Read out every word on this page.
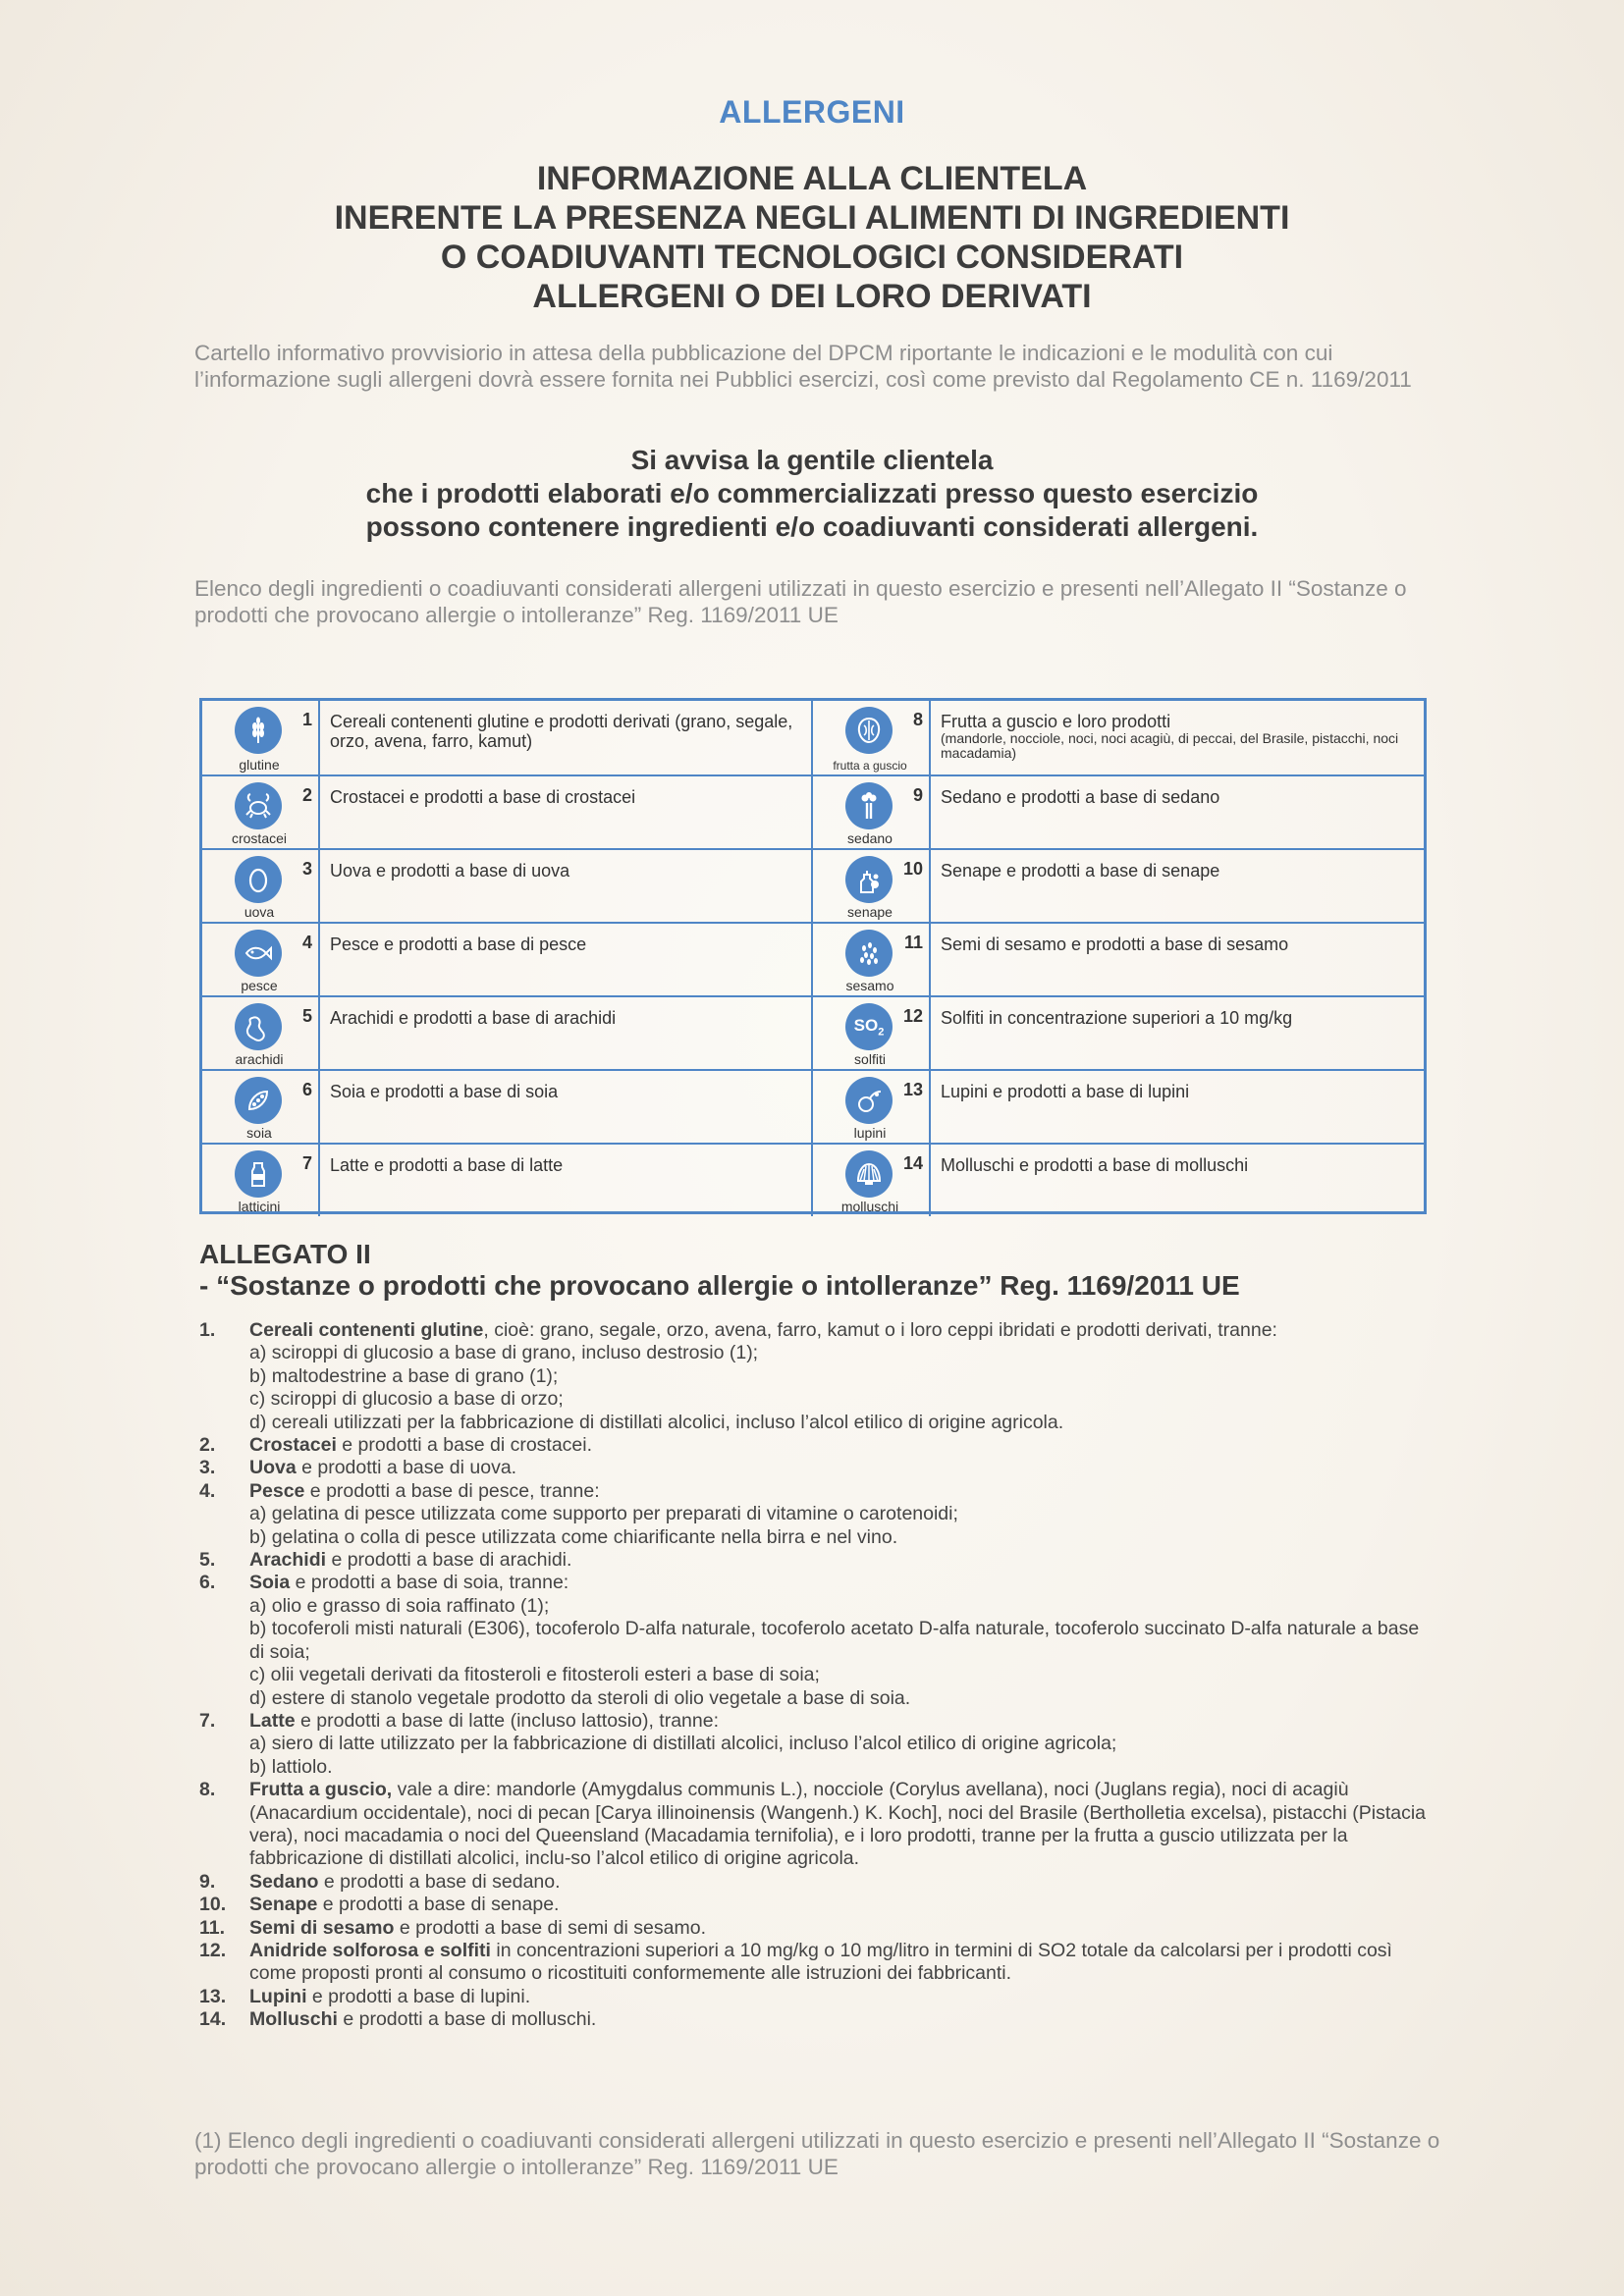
ALLERGENI
INFORMAZIONE ALLA CLIENTELA
INERENTE LA PRESENZA NEGLI ALIMENTI DI INGREDIENTI
O COADIUVANTI TECNOLOGICI CONSIDERATI
ALLERGENI O DEI LORO DERIVATI
Cartello informativo provvisiorio in attesa della pubblicazione del DPCM riportante le indicazioni e le modulità con cui l’informazione sugli allergeni dovrà essere fornita nei Pubblici esercizi, così come previsto dal Regolamento CE n. 1169/2011
Si avvisa la gentile clientela
che i prodotti elaborati e/o commercializzati presso questo esercizio
possono contenere ingredienti e/o coadiuvanti considerati allergeni.
Elenco degli ingredienti o coadiuvanti considerati allergeni utilizzati in questo esercizio e presenti nell’Allegato II “Sostanze o prodotti che provocano allergie o intolleranze” Reg. 1169/2011 UE
glutine
1 Cereali contenenti glutine e prodotti derivati (grano, segale, orzo, avena, farro, kamut)
frutta a guscio
8 Frutta a guscio e loro prodotti
(mandorle, nocciole, noci, noci acagiù, di peccai, del Brasile, pistacchi, noci macadamia)
crostacei
2 Crostacei e prodotti a base di crostacei
sedano
9 Sedano e prodotti a base di sedano
uova
3 Uova e prodotti a base di uova
senape
10 Senape e prodotti a base di senape
pesce
4 Pesce e prodotti a base di pesce
sesamo
11 Semi di sesamo e prodotti a base di sesamo
arachidi
5 Arachidi e prodotti a base di arachidi	$SO_2$
solfiti
12 Solfiti in concentrazione superiori a 10 mg/kg
soia
6 Soia e prodotti a base di soia
lupini
13 Lupini e prodotti a base di lupini
latticini
7 Latte e prodotti a base di latte
molluschi
14 Molluschi e prodotti a base di molluschi
ALLEGATO II
- “Sostanze o prodotti che provocano allergie o intolleranze” Reg. 1169/2011 UE
1. Cereali contenenti glutine, cioè: grano, segale, orzo, avena, farro, kamut o i loro ceppi ibridati e prodotti derivati, tranne:
a) sciroppi di glucosio a base di grano, incluso destrosio (1);
b) maltodestrine a base di grano (1);
c) sciroppi di glucosio a base di orzo;
d) cereali utilizzati per la fabbricazione di distillati alcolici, incluso l’alcol etilico di origine agricola.
2. Crostacei e prodotti a base di crostacei.
3. Uova e prodotti a base di uova.
4. Pesce e prodotti a base di pesce, tranne:
a) gelatina di pesce utilizzata come supporto per preparati di vitamine o carotenoidi;
b) gelatina o colla di pesce utilizzata come chiarificante nella birra e nel vino.
5. Arachidi e prodotti a base di arachidi.
6. Soia e prodotti a base di soia, tranne:
a) olio e grasso di soia raffinato (1);
b) tocoferoli misti naturali (E306), tocoferolo D-alfa naturale, tocoferolo acetato D-alfa naturale, tocoferolo succinato D-alfa naturale a base di soia;
c) olii vegetali derivati da fitosteroli e fitosteroli esteri a base di soia;
d) estere di stanolo vegetale prodotto da steroli di olio vegetale a base di soia.
7. Latte e prodotti a base di latte (incluso lattosio), tranne:
a) siero di latte utilizzato per la fabbricazione di distillati alcolici, incluso l’alcol etilico di origine agricola;
b) lattiolo.
8. Frutta a guscio, vale a dire: mandorle (Amygdalus communis L.), nocciole (Corylus avellana), noci (Juglans regia), noci di acagiù (Anacardium occidentale), noci di pecan [Carya illinoinensis (Wangenh.) K. Koch], noci del Brasile (Bertholletia excelsa), pistacchi (Pistacia vera), noci macadamia o noci del Queensland (Macadamia ternifolia), e i loro prodotti, tranne per la frutta a guscio utilizzata per la fabbricazione di distillati alcolici, inclu-so l’alcol etilico di origine agricola.
9. Sedano e prodotti a base di sedano.
10. Senape e prodotti a base di senape.
11. Semi di sesamo e prodotti a base di semi di sesamo.
12. Anidride solforosa e solfiti in concentrazioni superiori a 10 mg/kg o 10 mg/litro in termini di SO2 totale da calcolarsi per i prodotti così come proposti pronti al consumo o ricostituiti conformemente alle istruzioni dei fabbricanti.
13. Lupini e prodotti a base di lupini.
14. Molluschi e prodotti a base di molluschi.
(1) Elenco degli ingredienti o coadiuvanti considerati allergeni utilizzati in questo esercizio e presenti nell’Allegato II “Sostanze o prodotti che provocano allergie o intolleranze” Reg. 1169/2011 UE
